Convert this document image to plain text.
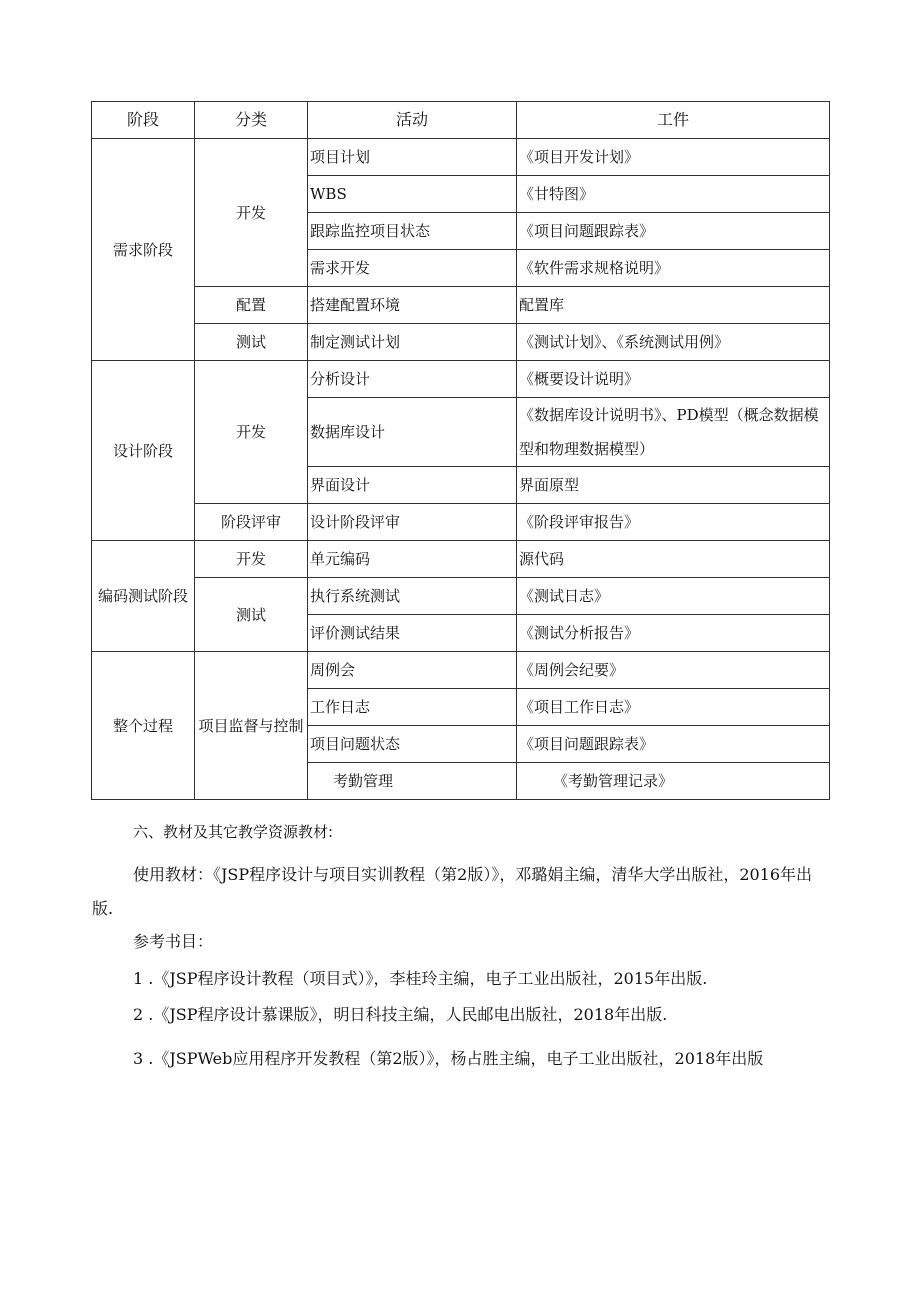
阶段	分类	活动	工件
需求阶段	开发	项目计划	《项目开发计划》
		WBS	《甘特图》
		跟踪监控项目状态	《项目问题跟踪表》
		需求开发	《软件需求规格说明》
	配置	搭建配置环境	配置库
	测试	制定测试计划	《测试计划》、《系统测试用例》
设计阶段	开发	分析设计	《概要设计说明》
		数据库设计	《数据库设计说明书》、PD模型（概念数据模型和物理数据模型）
		界面设计	界面原型
	阶段评审	设计阶段评审	《阶段评审报告》
编码测试阶段	开发	单元编码	源代码
	测试	执行系统测试	《测试日志》
		评价测试结果	《测试分析报告》
整个过程	项目监督与控制	周例会	《周例会纪要》
		工作日志	《项目工作日志》
		项目问题状态	《项目问题跟踪表》
		考勤管理	《考勤管理记录》
六、教材及其它教学资源教材:
使用教材：《JSP程序设计与项目实训教程（第2版）》，邓璐娟主编，清华大学出版社，2016年出版.
参考书目：
1 .《JSP程序设计教程（项目式）》，李桂玲主编，电子工业出版社，2015年出版.
2 .《JSP程序设计慕课版》，明日科技主编，人民邮电出版社，2018年出版.
3 .《JSPWeb应用程序开发教程（第2版）》，杨占胜主编，电子工业出版社，2018年出版
